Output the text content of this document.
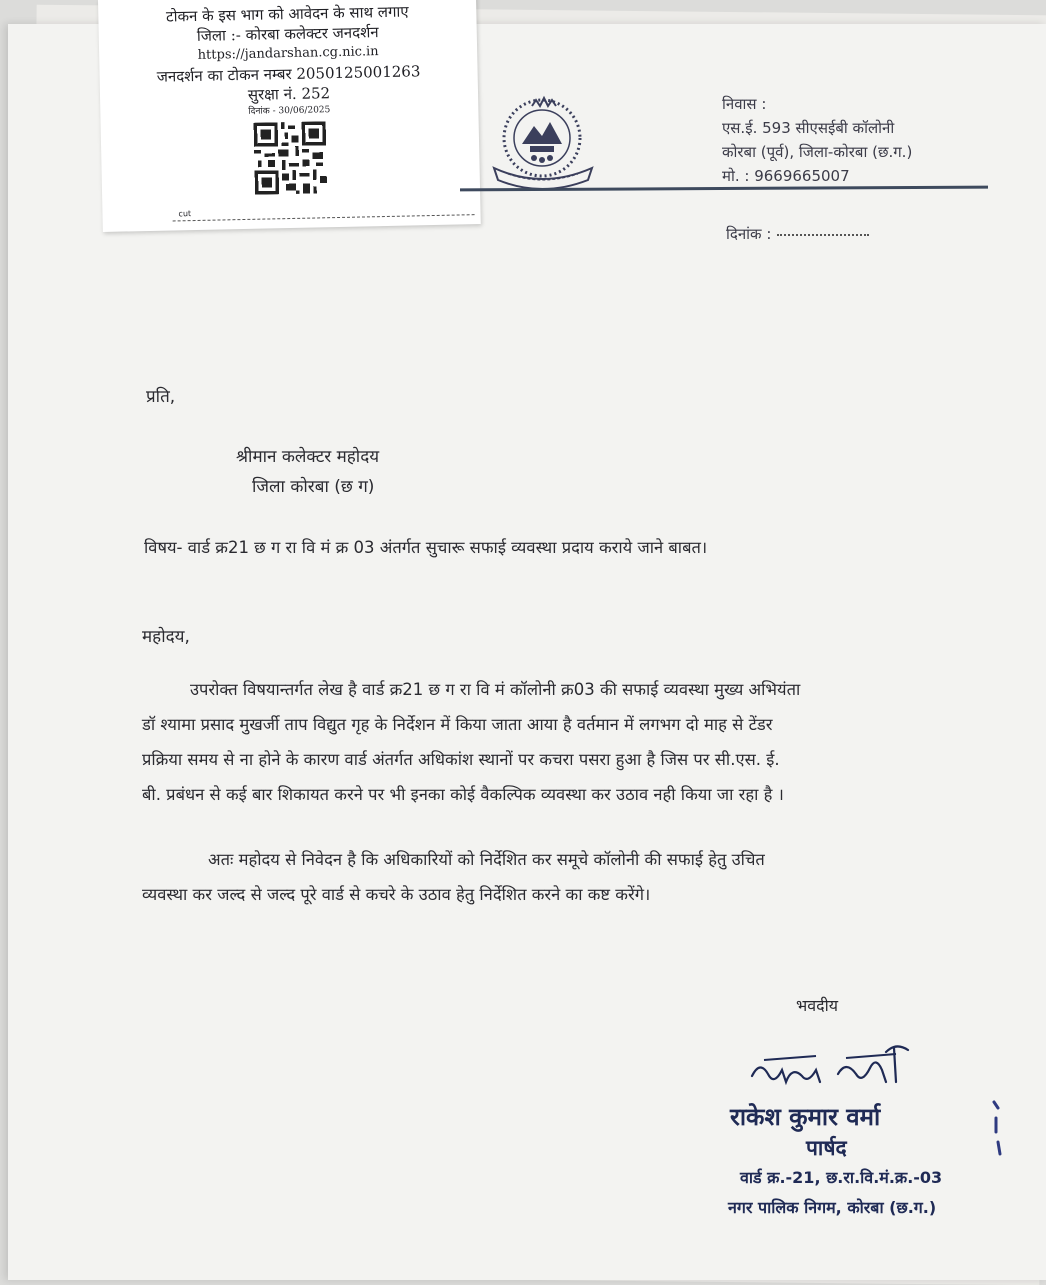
टोकन के इस भाग को आवेदन के साथ लगाए
जिला :- कोरबा कलेक्टर जनदर्शन
https://jandarshan.cg.nic.in
जनदर्शन का टोकन नम्बर 2050125001263
सुरक्षा नं. 252
दिनांक - 30/06/2025
cut
निवास :
एस.ई. 593 सीएसईबी कॉलोनी
कोरबा (पूर्व), जिला-कोरबा (छ.ग.)
मो. : 9669665007
दिनांक :
प्रति,
श्रीमान कलेक्टर महोदय
जिला कोरबा (छ ग)
विषय- वार्ड क्र21 छ ग रा वि मं क्र 03 अंतर्गत सुचारू सफाई व्यवस्था प्रदाय कराये जाने बाबत।
महोदय,
उपरोक्त विषयान्तर्गत लेख है वार्ड क्र21 छ ग रा वि मं कॉलोनी क्र03 की सफाई व्यवस्था मुख्य अभियंता
डॉ श्यामा प्रसाद मुखर्जी ताप विद्युत गृह के निर्देशन में किया जाता आया है वर्तमान में लगभग दो माह से टेंडर
प्रक्रिया समय से ना होने के कारण वार्ड अंतर्गत अधिकांश स्थानों पर कचरा पसरा हुआ है जिस पर सी.एस. ई.
बी. प्रबंधन से कई बार शिकायत करने पर भी इनका कोई वैकल्पिक व्यवस्था कर उठाव नही किया जा रहा है ।
अतः महोदय से निवेदन है कि अधिकारियों को निर्देशित कर समूचे कॉलोनी की सफाई हेतु उचित
व्यवस्था कर जल्द से जल्द पूरे वार्ड से कचरे के उठाव हेतु निर्देशित करने का कष्ट करेंगे।
भवदीय
राकेश कुमार वर्मा
पार्षद
वार्ड क्र.-21, छ.रा.वि.मं.क्र.-03
नगर पालिक निगम, कोरबा (छ.ग.)
